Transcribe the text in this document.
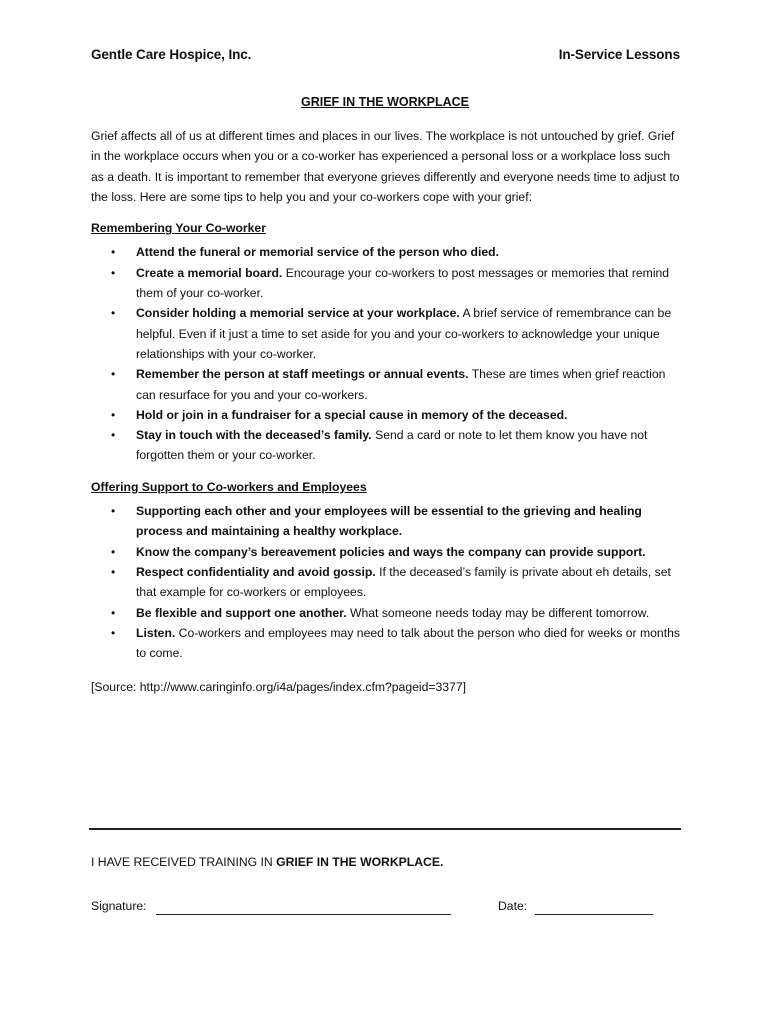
Gentle Care Hospice, Inc.	In-Service Lessons
GRIEF IN THE WORKPLACE

Grief affects all of us at different times and places in our lives. The workplace is not untouched by grief. Grief in the workplace occurs when you or a co-worker has experienced a personal loss or a workplace loss such as a death. It is important to remember that everyone grieves differently and everyone needs time to adjust to the loss. Here are some tips to help you and your co-workers cope with your grief:

Remembering Your Co-worker
• Attend the funeral or memorial service of the person who died.
• Create a memorial board. Encourage your co-workers to post messages or memories that remind them of your co-worker.
• Consider holding a memorial service at your workplace. A brief service of remembrance can be helpful. Even if it just a time to set aside for you and your co-workers to acknowledge your unique relationships with your co-worker.
• Remember the person at staff meetings or annual events. These are times when grief reaction can resurface for you and your co-workers.
• Hold or join in a fundraiser for a special cause in memory of the deceased.
• Stay in touch with the deceased’s family. Send a card or note to let them know you have not forgotten them or your co-worker.
Offering Support to Co-workers and Employees
• Supporting each other and your employees will be essential to the grieving and healing process and maintaining a healthy workplace.
• Know the company’s bereavement policies and ways the company can provide support.
• Respect confidentiality and avoid gossip. If the deceased’s family is private about eh details, set that example for co-workers or employees.
• Be flexible and support one another. What someone needs today may be different tomorrow.
• Listen. Co-workers and employees may need to talk about the person who died for weeks or months to come.
[Source: http://www.caringinfo.org/i4a/pages/index.cfm?pageid=3377]
I HAVE RECEIVED TRAINING IN GRIEF IN THE WORKPLACE.
Signature:	Date:
